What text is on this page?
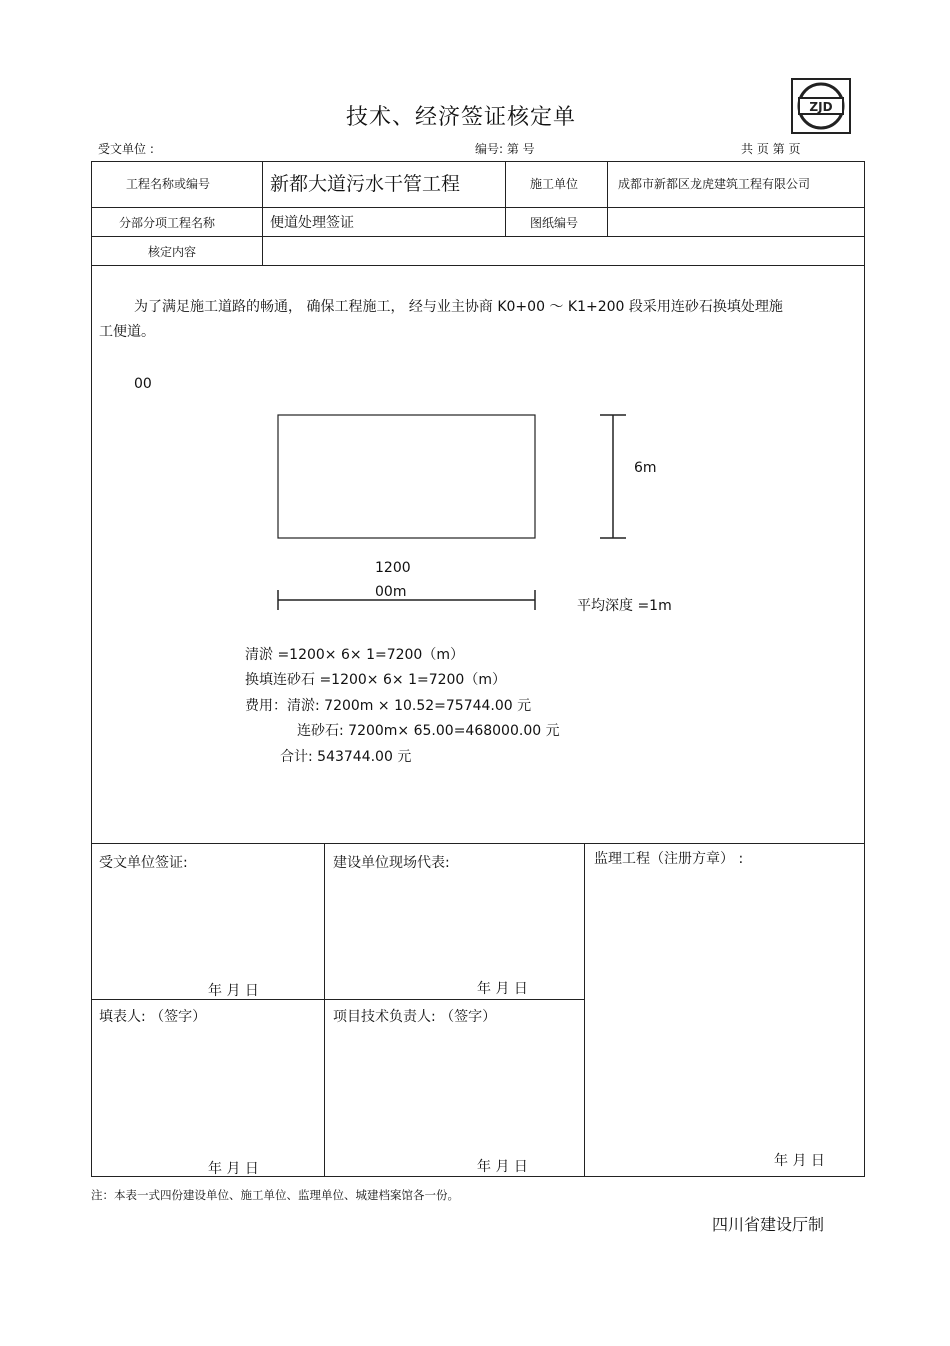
技术、经济签证核定单	ZJD
受文单位 :	编号: 第 号	共 页 第 页
工程名称或编号	新都大道污水干管工程	施工单位	成都市新都区龙虎建筑工程有限公司
分部分项工程名称	便道处理签证	图纸编号
核定内容
为了满足施工道路的畅通， 确保工程施工， 经与业主协商 K0+00 ～ K1+200 段采用连砂石换填处理施
工便道。
00
6m
1200
00m
平均深度 =1m
清淤 =1200× 6× 1=7200（m）
换填连砂石 =1200× 6× 1=7200（m）
费用：清淤: 7200m × 10.52=75744.00 元
连砂石: 7200m× 65.00=468000.00 元
合计: 543744.00 元
受文单位签证:	建设单位现场代表:	监理工程（注册方章） :
年 月 日	年 月 日
填表人: （签字）	项目技术负责人: （签字）
年 月 日	年 月 日	年 月 日
注：本表一式四份建设单位、施工单位、监理单位、城建档案馆各一份。
四川省建设厅制
